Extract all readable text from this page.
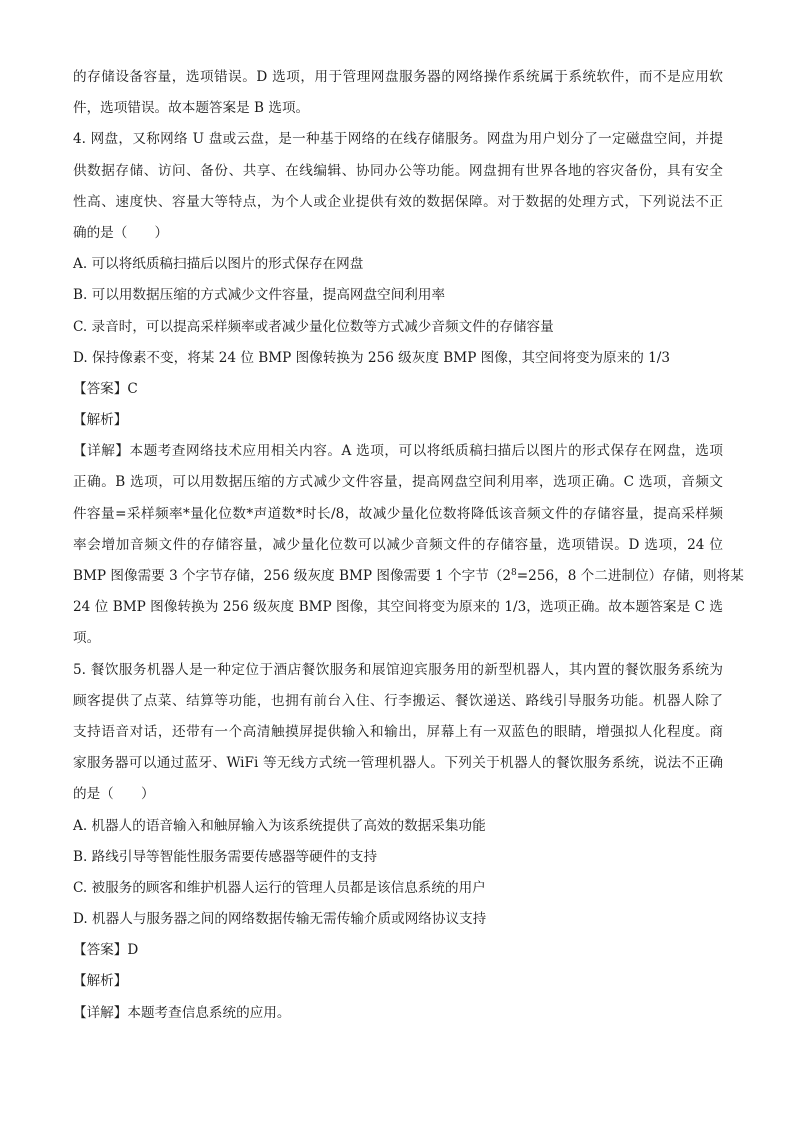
的存储设备容量，选项错误。D 选项，用于管理网盘服务器的网络操作系统属于系统软件，而不是应用软
件，选项错误。故本题答案是 B 选项。
4. 网盘，又称网络 U 盘或云盘，是一种基于网络的在线存储服务。网盘为用户划分了一定磁盘空间，并提
供数据存储、访问、备份、共享、在线编辑、协同办公等功能。网盘拥有世界各地的容灾备份，具有安全
性高、速度快、容量大等特点，为个人或企业提供有效的数据保障。对于数据的处理方式，下列说法不正
确的是（　　）
A. 可以将纸质稿扫描后以图片的形式保存在网盘
B. 可以用数据压缩的方式减少文件容量，提高网盘空间利用率
C. 录音时，可以提高采样频率或者减少量化位数等方式减少音频文件的存储容量
D. 保持像素不变，将某 24 位 BMP 图像转换为 256 级灰度 BMP 图像，其空间将变为原来的 1/3
【答案】C
【解析】
【详解】本题考查网络技术应用相关内容。A 选项，可以将纸质稿扫描后以图片的形式保存在网盘，选项
正确。B 选项，可以用数据压缩的方式减少文件容量，提高网盘空间利用率，选项正确。C 选项，音频文
件容量=采样频率*量化位数*声道数*时长/8，故减少量化位数将降低该音频文件的存储容量，提高采样频
率会增加音频文件的存储容量，减少量化位数可以减少音频文件的存储容量，选项错误。D 选项，24 位
BMP 图像需要 3 个字节存储，256 级灰度 BMP 图像需要 1 个字节（$2^8=256$，8 个二进制位）存储，则将某
24 位 BMP 图像转换为 256 级灰度 BMP 图像，其空间将变为原来的 1/3，选项正确。故本题答案是 C 选
项。
5. 餐饮服务机器人是一种定位于酒店餐饮服务和展馆迎宾服务用的新型机器人，其内置的餐饮服务系统为
顾客提供了点菜、结算等功能，也拥有前台入住、行李搬运、餐饮递送、路线引导服务功能。机器人除了
支持语音对话，还带有一个高清触摸屏提供输入和输出，屏幕上有一双蓝色的眼睛，增强拟人化程度。商
家服务器可以通过蓝牙、WiFi 等无线方式统一管理机器人。下列关于机器人的餐饮服务系统，说法不正确
的是（　　）
A. 机器人的语音输入和触屏输入为该系统提供了高效的数据采集功能
B. 路线引导等智能性服务需要传感器等硬件的支持
C. 被服务的顾客和维护机器人运行的管理人员都是该信息系统的用户
D. 机器人与服务器之间的网络数据传输无需传输介质或网络协议支持
【答案】D
【解析】
【详解】本题考查信息系统的应用。
